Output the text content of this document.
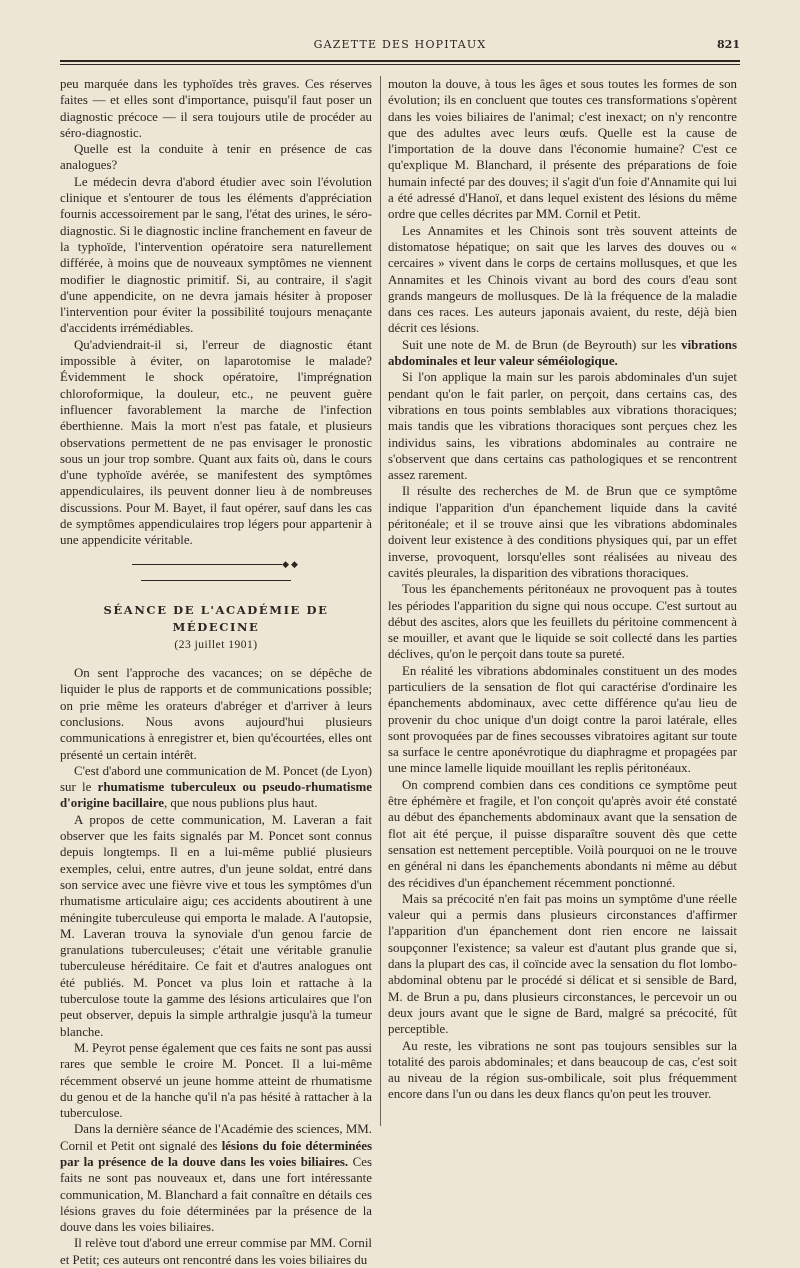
GAZETTE DES HOPITAUX	821

peu marquée dans les typhoïdes très graves. Ces réserves faites — et elles sont d'importance, puisqu'il faut poser un diagnostic précoce — il sera toujours utile de procéder au séro-diagnostic.

Quelle est la conduite à tenir en présence de cas analogues?

Le médecin devra d'abord étudier avec soin l'évolution clinique et s'entourer de tous les éléments d'appréciation fournis accessoirement par le sang, l'état des urines, le séro-diagnostic. Si le diagnostic incline franchement en faveur de la typhoïde, l'intervention opératoire sera naturellement différée, à moins que de nouveaux symptômes ne viennent modifier le diagnostic primitif. Si, au contraire, il s'agit d'une appendicite, on ne devra jamais hésiter à proposer l'intervention pour éviter la possibilité toujours menaçante d'accidents irrémédiables.

Qu'adviendrait-il si, l'erreur de diagnostic étant impossible à éviter, on laparotomise le malade? Évidemment le shock opératoire, l'imprégnation chloroformique, la douleur, etc., ne peuvent guère influencer favorablement la marche de l'infection éberthienne. Mais la mort n'est pas fatale, et plusieurs observations permettent de ne pas envisager le pronostic sous un jour trop sombre. Quant aux faits où, dans le cours d'une typhoïde avérée, se manifestent des symptômes appendiculaires, ils peuvent donner lieu à de nombreuses discussions. Pour M. Bayet, il faut opérer, sauf dans les cas de symptômes appendiculaires trop légers pour appartenir à une appendicite véritable.

◆◆
SÉANCE DE L'ACADÉMIE DE MÉDECINE
(23 juillet 1901)

On sent l'approche des vacances; on se dépêche de liquider le plus de rapports et de communications possible; on prie même les orateurs d'abréger et d'arriver à leurs conclusions. Nous avons aujourd'hui plusieurs communications à enregistrer et, bien qu'écourtées, elles ont présenté un certain intérêt.

C'est d'abord une communication de M. Poncet (de Lyon) sur le rhumatisme tuberculeux ou pseudo-rhumatisme d'origine bacillaire, que nous publions plus haut.

A propos de cette communication, M. Laveran a fait observer que les faits signalés par M. Poncet sont connus depuis longtemps. Il en a lui-même publié plusieurs exemples, celui, entre autres, d'un jeune soldat, entré dans son service avec une fièvre vive et tous les symptômes d'un rhumatisme articulaire aigu; ces accidents aboutirent à une méningite tuberculeuse qui emporta le malade. A l'autopsie, M. Laveran trouva la synoviale d'un genou farcie de granulations tuberculeuses; c'était une véritable granulie tuberculeuse héréditaire. Ce fait et d'autres analogues ont été publiés. M. Poncet va plus loin et rattache à la tuberculose toute la gamme des lésions articulaires que l'on peut observer, depuis la simple arthralgie jusqu'à la tumeur blanche.

M. Peyrot pense également que ces faits ne sont pas aussi rares que semble le croire M. Poncet. Il a lui-même récemment observé un jeune homme atteint de rhumatisme du genou et de la hanche qu'il n'a pas hésité à rattacher à la tuberculose.

Dans la dernière séance de l'Académie des sciences, MM. Cornil et Petit ont signalé des lésions du foie déterminées par la présence de la douve dans les voies biliaires. Ces faits ne sont pas nouveaux et, dans une fort intéressante communication, M. Blanchard a fait connaître en détails ces lésions graves du foie déterminées par la présence de la douve dans les voies biliaires.

Il relève tout d'abord une erreur commise par MM. Cornil et Petit; ces auteurs ont rencontré dans les voies biliaires du

mouton la douve, à tous les âges et sous toutes les formes de son évolution; ils en concluent que toutes ces transformations s'opèrent dans les voies biliaires de l'animal; c'est inexact; on n'y rencontre que des adultes avec leurs œufs. Quelle est la cause de l'importation de la douve dans l'économie humaine? C'est ce qu'explique M. Blanchard, il présente des préparations de foie humain infecté par des douves; il s'agit d'un foie d'Annamite qui lui a été adressé d'Hanoï, et dans lequel existent des lésions du même ordre que celles décrites par MM. Cornil et Petit.

Les Annamites et les Chinois sont très souvent atteints de distomatose hépatique; on sait que les larves des douves ou « cercaires » vivent dans le corps de certains mollusques, et que les Annamites et les Chinois vivant au bord des cours d'eau sont grands mangeurs de mollusques. De là la fréquence de la maladie dans ces races. Les auteurs japonais avaient, du reste, déjà bien décrit ces lésions.

Suit une note de M. de Brun (de Beyrouth) sur les vibrations abdominales et leur valeur séméiologique.

Si l'on applique la main sur les parois abdominales d'un sujet pendant qu'on le fait parler, on perçoit, dans certains cas, des vibrations en tous points semblables aux vibrations thoraciques; mais tandis que les vibrations thoraciques sont perçues chez les individus sains, les vibrations abdominales au contraire ne s'observent que dans certains cas pathologiques et se rencontrent assez rarement.

Il résulte des recherches de M. de Brun que ce symptôme indique l'apparition d'un épanchement liquide dans la cavité péritonéale; et il se trouve ainsi que les vibrations abdominales doivent leur existence à des conditions physiques qui, par un effet inverse, provoquent, lorsqu'elles sont réalisées au niveau des cavités pleurales, la disparition des vibrations thoraciques.

Tous les épanchements péritonéaux ne provoquent pas à toutes les périodes l'apparition du signe qui nous occupe. C'est surtout au début des ascites, alors que les feuillets du péritoine commencent à se mouiller, et avant que le liquide se soit collecté dans les parties déclives, qu'on le perçoit dans toute sa pureté.

En réalité les vibrations abdominales constituent un des modes particuliers de la sensation de flot qui caractérise d'ordinaire les épanchements abdominaux, avec cette différence qu'au lieu de provenir du choc unique d'un doigt contre la paroi latérale, elles sont provoquées par de fines secousses vibratoires agitant sur toute sa surface le centre aponévrotique du diaphragme et propagées par une mince lamelle liquide mouillant les replis péritonéaux.

On comprend combien dans ces conditions ce symptôme peut être éphémère et fragile, et l'on conçoit qu'après avoir été constaté au début des épanchements abdominaux avant que la sensation de flot ait été perçue, il puisse disparaître souvent dès que cette sensation est nettement perceptible. Voilà pourquoi on ne le trouve en général ni dans les épanchements abondants ni même au début des récidives d'un épanchement récemment ponctionné.

Mais sa précocité n'en fait pas moins un symptôme d'une réelle valeur qui a permis dans plusieurs circonstances d'affirmer l'apparition d'un épanchement dont rien encore ne laissait soupçonner l'existence; sa valeur est d'autant plus grande que si, dans la plupart des cas, il coïncide avec la sensation du flot lombo-abdominal obtenu par le procédé si délicat et si sensible de Bard, M. de Brun a pu, dans plusieurs circonstances, le percevoir un ou deux jours avant que le signe de Bard, malgré sa précocité, fût perceptible.

Au reste, les vibrations ne sont pas toujours sensibles sur la totalité des parois abdominales; et dans beaucoup de cas, c'est soit au niveau de la région sus-ombilicale, soit plus fréquemment encore dans l'un ou dans les deux flancs qu'on peut les trouver.
